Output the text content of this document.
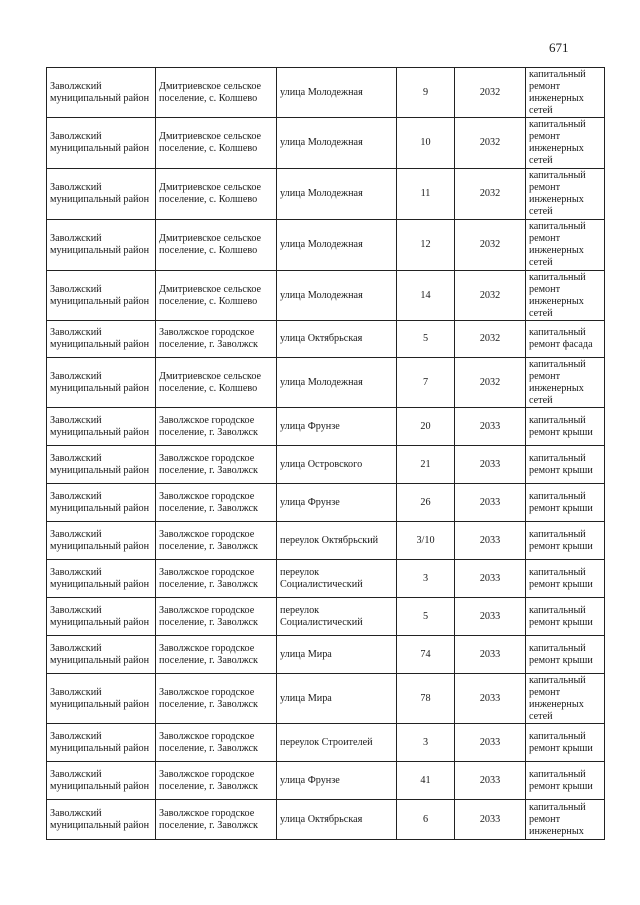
671
Заволжский муниципальный район	Дмитриевское сельское поселение, с. Колшево	улица Молодежная	9	2032	капитальный ремонт инженерных сетей
Заволжский муниципальный район	Дмитриевское сельское поселение, с. Колшево	улица Молодежная	10	2032	капитальный ремонт инженерных сетей
Заволжский муниципальный район	Дмитриевское сельское поселение, с. Колшево	улица Молодежная	11	2032	капитальный ремонт инженерных сетей
Заволжский муниципальный район	Дмитриевское сельское поселение, с. Колшево	улица Молодежная	12	2032	капитальный ремонт инженерных сетей
Заволжский муниципальный район	Дмитриевское сельское поселение, с. Колшево	улица Молодежная	14	2032	капитальный ремонт инженерных сетей
Заволжский муниципальный район	Заволжское городское поселение, г. Заволжск	улица Октябрьская	5	2032	капитальный ремонт фасада
Заволжский муниципальный район	Дмитриевское сельское поселение, с. Колшево	улица Молодежная	7	2032	капитальный ремонт инженерных сетей
Заволжский муниципальный район	Заволжское городское поселение, г. Заволжск	улица Фрунзе	20	2033	капитальный ремонт крыши
Заволжский муниципальный район	Заволжское городское поселение, г. Заволжск	улица Островского	21	2033	капитальный ремонт крыши
Заволжский муниципальный район	Заволжское городское поселение, г. Заволжск	улица Фрунзе	26	2033	капитальный ремонт крыши
Заволжский муниципальный район	Заволжское городское поселение, г. Заволжск	переулок Октябрьский	3/10	2033	капитальный ремонт крыши
Заволжский муниципальный район	Заволжское городское поселение, г. Заволжск	переулок Социалистический	3	2033	капитальный ремонт крыши
Заволжский муниципальный район	Заволжское городское поселение, г. Заволжск	переулок Социалистический	5	2033	капитальный ремонт крыши
Заволжский муниципальный район	Заволжское городское поселение, г. Заволжск	улица Мира	74	2033	капитальный ремонт крыши
Заволжский муниципальный район	Заволжское городское поселение, г. Заволжск	улица Мира	78	2033	капитальный ремонт инженерных сетей
Заволжский муниципальный район	Заволжское городское поселение, г. Заволжск	переулок Строителей	3	2033	капитальный ремонт крыши
Заволжский муниципальный район	Заволжское городское поселение, г. Заволжск	улица Фрунзе	41	2033	капитальный ремонт крыши
Заволжский муниципальный район	Заволжское городское поселение, г. Заволжск	улица Октябрьская	6	2033	капитальный ремонт инженерных
